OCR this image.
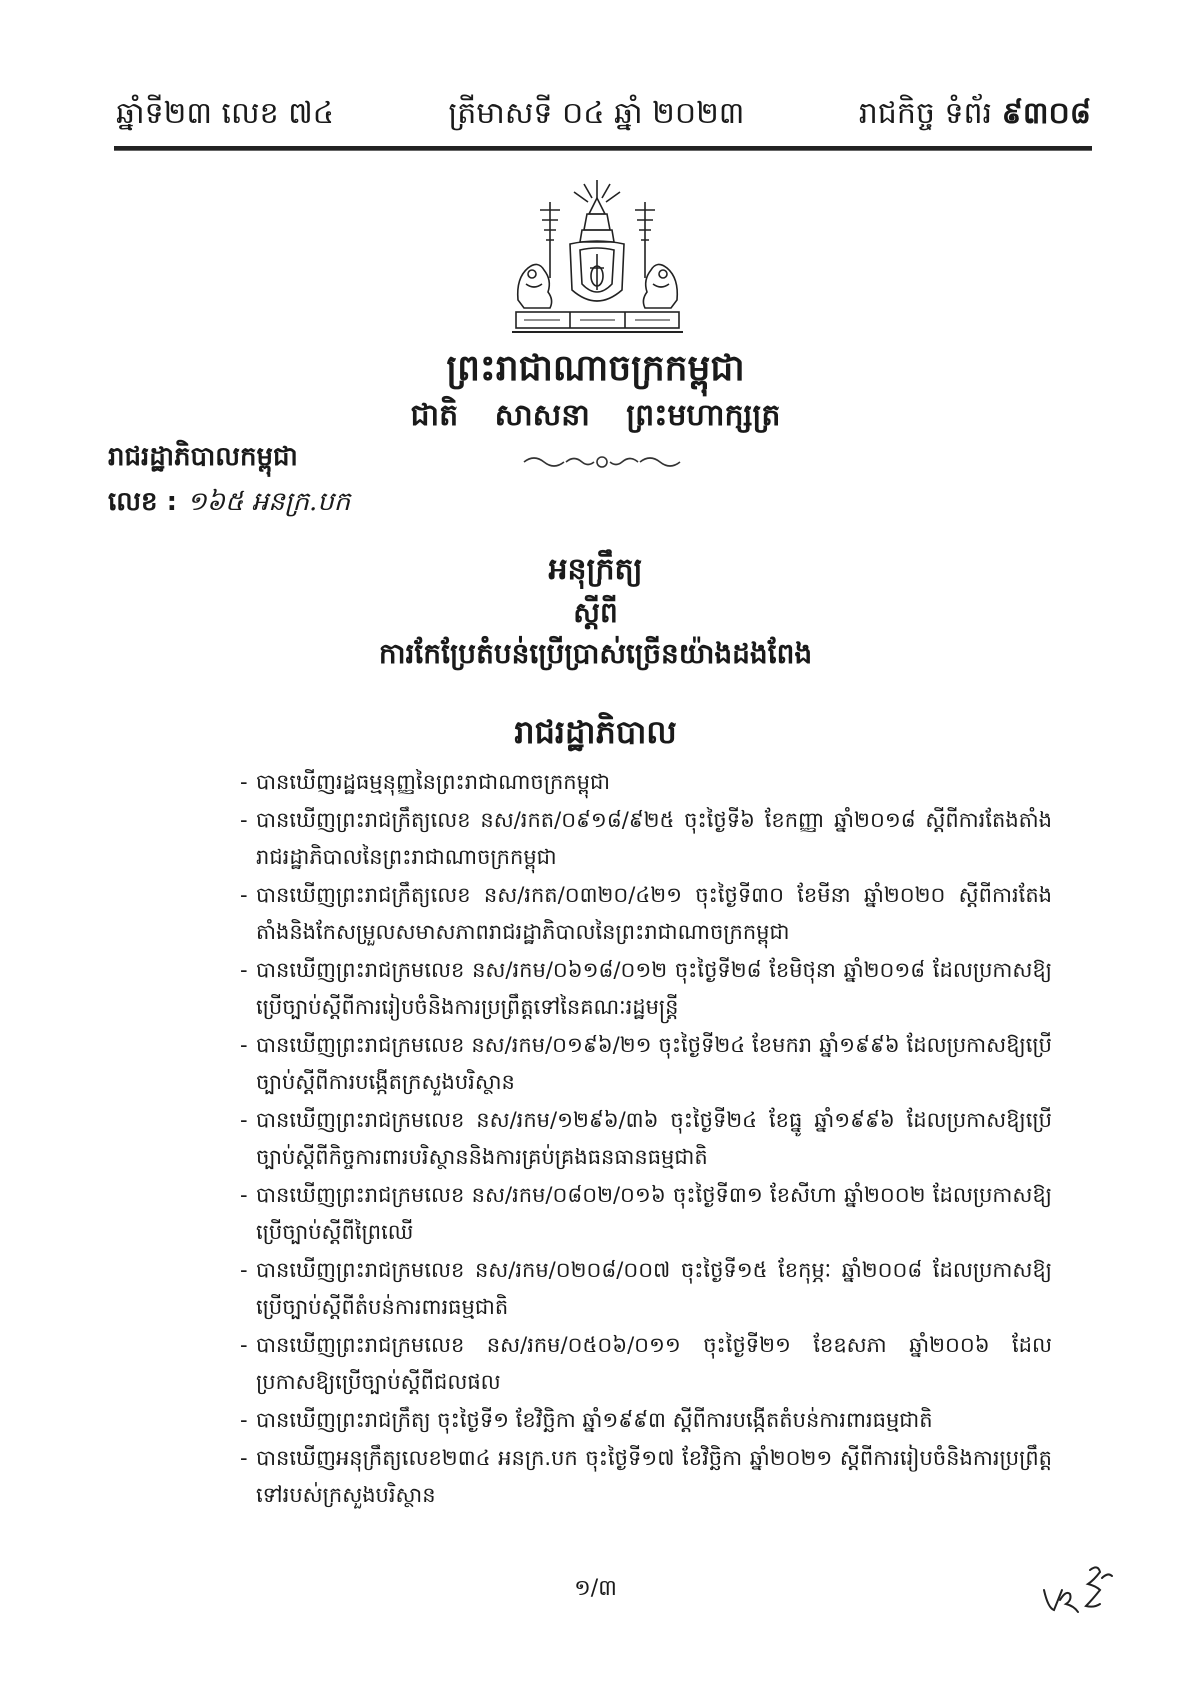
ឆ្នាំទី២៣ លេខ ៧៤	ត្រីមាសទី ០៤ ឆ្នាំ ២០២៣	រាជកិច្ច ទំព័រ ៩៣០៨
ព្រះរាជាណាចក្រកម្ពុជា
ជាតិ សាសនា ព្រះមហាក្សត្រ
រាជរដ្ឋាភិបាលកម្ពុជា
លេខ : ១៦៥ អនក្រ.បក
អនុក្រឹត្យ
ស្តីពី
ការកែប្រែតំបន់ប្រើប្រាស់ច្រើនយ៉ាងដងពែង
រាជរដ្ឋាភិបាល
- បានឃើញរដ្ឋធម្មនុញ្ញនៃព្រះរាជាណាចក្រកម្ពុជា
- បានឃើញព្រះរាជក្រឹត្យលេខ នស/រកត/០៩១៨/៩២៥ ចុះថ្ងៃទី៦ ខែកញ្ញា ឆ្នាំ២០១៨ ស្តីពីការតែងតាំងរាជរដ្ឋាភិបាលនៃព្រះរាជាណាចក្រកម្ពុជា
- បានឃើញព្រះរាជក្រឹត្យលេខ នស/រកត/០៣២០/៤២១ ចុះថ្ងៃទី៣០ ខែមីនា ឆ្នាំ២០២០ ស្តីពីការតែងតាំងនិងកែសម្រួលសមាសភាពរាជរដ្ឋាភិបាលនៃព្រះរាជាណាចក្រកម្ពុជា
- បានឃើញព្រះរាជក្រមលេខ នស/រកម/០៦១៨/០១២ ចុះថ្ងៃទី២៨ ខែមិថុនា ឆ្នាំ២០១៨ ដែលប្រកាសឱ្យប្រើច្បាប់ស្តីពីការរៀបចំនិងការប្រព្រឹត្តទៅនៃគណៈរដ្ឋមន្ត្រី
- បានឃើញព្រះរាជក្រមលេខ នស/រកម/០១៩៦/២១ ចុះថ្ងៃទី២៤ ខែមករា ឆ្នាំ១៩៩៦ ដែលប្រកាសឱ្យប្រើច្បាប់ស្តីពីការបង្កើតក្រសួងបរិស្ថាន
- បានឃើញព្រះរាជក្រមលេខ នស/រកម/១២៩៦/៣៦ ចុះថ្ងៃទី២៤ ខែធ្នូ ឆ្នាំ១៩៩៦ ដែលប្រកាសឱ្យប្រើច្បាប់ស្តីពីកិច្ចការពារបរិស្ថាននិងការគ្រប់គ្រងធនធានធម្មជាតិ
- បានឃើញព្រះរាជក្រមលេខ នស/រកម/០៨០២/០១៦ ចុះថ្ងៃទី៣១ ខែសីហា ឆ្នាំ២០០២ ដែលប្រកាសឱ្យប្រើច្បាប់ស្តីពីព្រៃឈើ
- បានឃើញព្រះរាជក្រមលេខ នស/រកម/០២០៨/០០៧ ចុះថ្ងៃទី១៥ ខែកុម្ភៈ ឆ្នាំ២០០៨ ដែលប្រកាសឱ្យប្រើច្បាប់ស្តីពីតំបន់ការពារធម្មជាតិ
- បានឃើញព្រះរាជក្រមលេខ នស/រកម/០៥០៦/០១១ ចុះថ្ងៃទី២១ ខែឧសភា ឆ្នាំ២០០៦ ដែលប្រកាសឱ្យប្រើច្បាប់ស្តីពីជលផល
- បានឃើញព្រះរាជក្រឹត្យ ចុះថ្ងៃទី១ ខែវិច្ឆិកា ឆ្នាំ១៩៩៣ ស្តីពីការបង្កើតតំបន់ការពារធម្មជាតិ
- បានឃើញអនុក្រឹត្យលេខ២៣៤ អនក្រ.បក ចុះថ្ងៃទី១៧ ខែវិច្ឆិកា ឆ្នាំ២០២១ ស្តីពីការរៀបចំនិងការប្រព្រឹត្តទៅរបស់ក្រសួងបរិស្ថាន
១/៣
